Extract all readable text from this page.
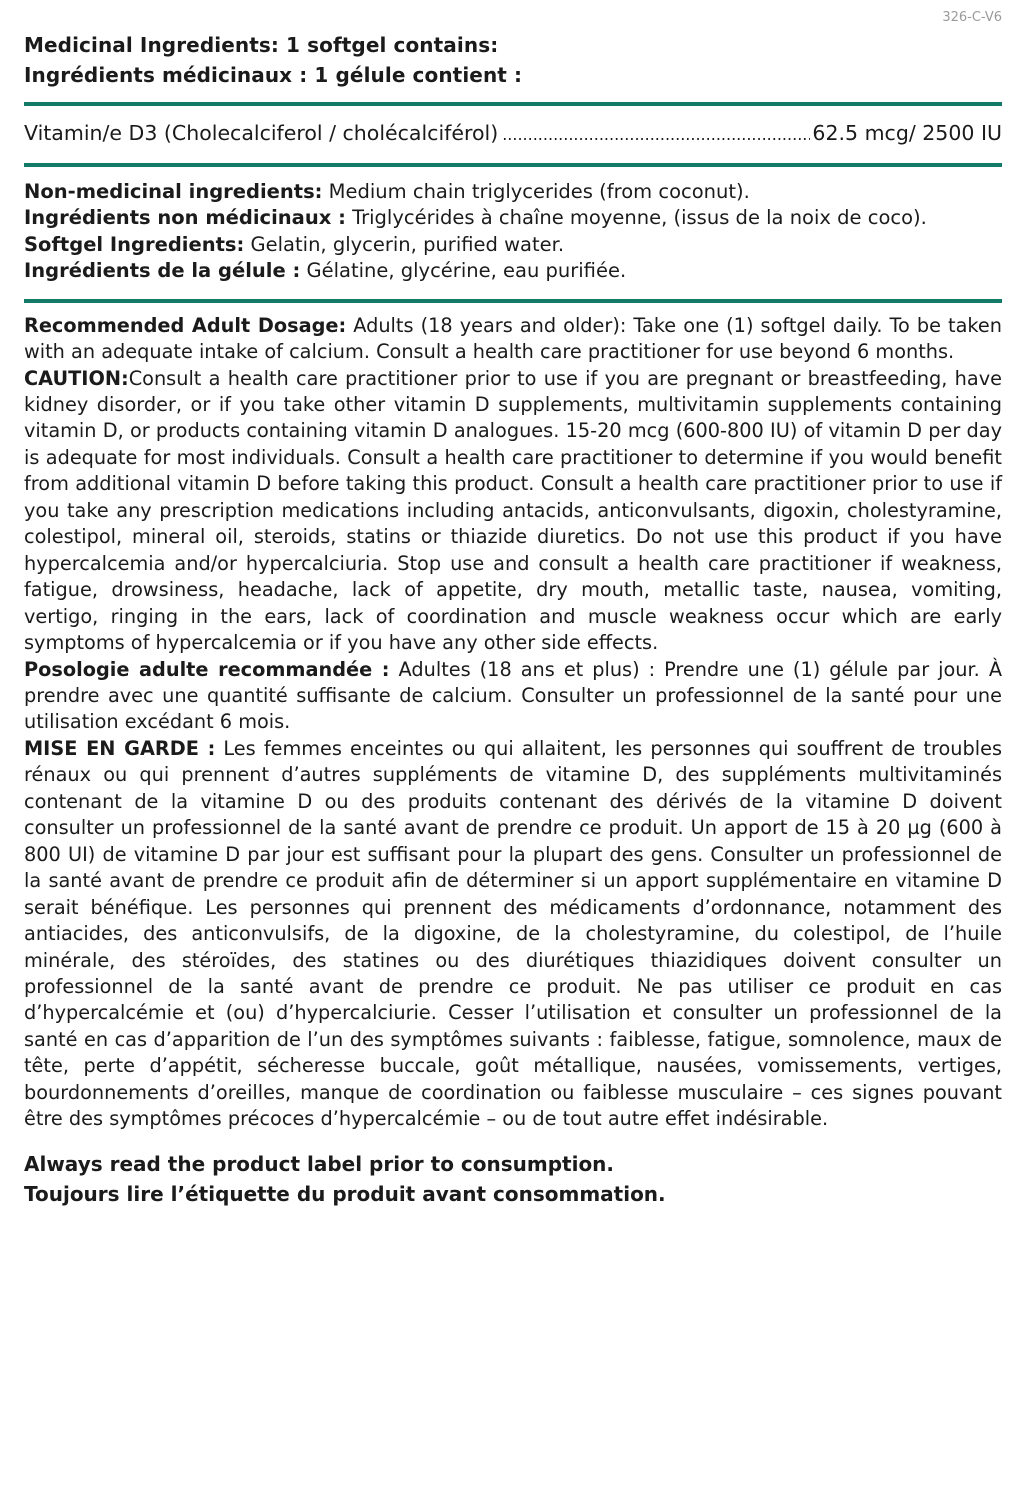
326-C-V6
Medicinal Ingredients: 1 softgel contains:
Ingrédients médicinaux : 1 gélule contient :
Vitamin/e D3 (Cholecalciferol / cholécalciférol)
.....	62.5 mcg/ 2500 IU

Non-medicinal ingredients: Medium chain triglycerides (from coconut).

Ingrédients non médicinaux : Triglycérides à chaîne moyenne, (issus de la noix de coco).

Softgel Ingredients: Gelatin, glycerin, purified water.

Ingrédients de la gélule : Gélatine, glycérine, eau purifiée.

Recommended Adult Dosage: Adults (18 years and older): Take one (1) softgel daily. To be taken with an adequate intake of calcium. Consult a health care practitioner for use beyond 6 months.

CAUTION:Consult a health care practitioner prior to use if you are pregnant or breastfeeding, have kidney disorder, or if you take other vitamin D supplements, multivitamin supplements containing vitamin D, or products containing vitamin D analogues. 15-20 mcg (600-800 IU) of vitamin D per day is adequate for most individuals. Consult a health care practitioner to determine if you would benefit from additional vitamin D before taking this product. Consult a health care practitioner prior to use if you take any prescription medications including antacids, anticonvulsants, digoxin, cholestyramine, colestipol, mineral oil, steroids, statins or thiazide diuretics. Do not use this product if you have hypercalcemia and/or hypercalciuria. Stop use and consult a health care practitioner if weakness, fatigue, drowsiness, headache, lack of appetite, dry mouth, metallic taste, nausea, vomiting, vertigo, ringing in the ears, lack of coordination and muscle weakness occur which are early symptoms of hypercalcemia or if you have any other side effects.

Posologie adulte recommandée : Adultes (18 ans et plus) : Prendre une (1) gélule par jour. À prendre avec une quantité suffisante de calcium. Consulter un professionnel de la santé pour une utilisation excédant 6 mois.

MISE EN GARDE : Les femmes enceintes ou qui allaitent, les personnes qui souffrent de troubles rénaux ou qui prennent d’autres suppléments de vitamine D, des suppléments multivitaminés contenant de la vitamine D ou des produits contenant des dérivés de la vitamine D doivent consulter un professionnel de la santé avant de prendre ce produit. Un apport de 15 à 20 µg (600 à 800 UI) de vitamine D par jour est suffisant pour la plupart des gens. Consulter un professionnel de la santé avant de prendre ce produit afin de déterminer si un apport supplémentaire en vitamine D serait bénéfique. Les personnes qui prennent des médicaments d’ordonnance, notamment des antiacides, des anticonvulsifs, de la digoxine, de la cholestyramine, du colestipol, de l’huile minérale, des stéroïdes, des statines ou des diurétiques thiazidiques doivent consulter un professionnel de la santé avant de prendre ce produit. Ne pas utiliser ce produit en cas d’hypercalcémie et (ou) d’hypercalciurie. Cesser l’utilisation et consulter un professionnel de la santé en cas d’apparition de l’un des symptômes suivants : faiblesse, fatigue, somnolence, maux de tête, perte d’appétit, sécheresse buccale, goût métallique, nausées, vomissements, vertiges, bourdonnements d’oreilles, manque de coordination ou faiblesse musculaire – ces signes pouvant être des symptômes précoces d’hypercalcémie – ou de tout autre effet indésirable.

Always read the product label prior to consumption.
Toujours lire l’étiquette du produit avant consommation.
